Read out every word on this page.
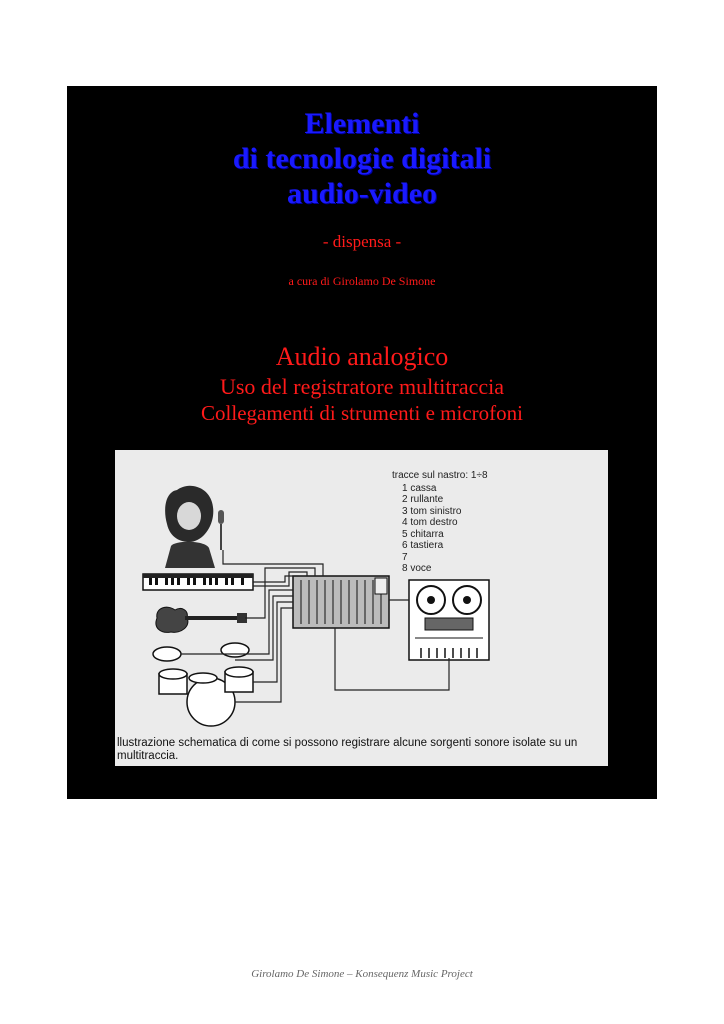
Elementi
di tecnologie digitali
audio-video
- dispensa -
a cura di Girolamo De Simone
Audio analogico
Uso del registratore multitraccia
Collegamenti di strumenti e microfoni
tracce sul nastro: 1÷8
1 cassa
2 rullante
3 tom sinistro
4 tom destro
5 chitarra
6 tastiera
7
8 voce
llustrazione schematica di come si possono registrare alcune sorgenti sonore isolate su un multitraccia.
Girolamo De Simone – Konsequenz Music Project
